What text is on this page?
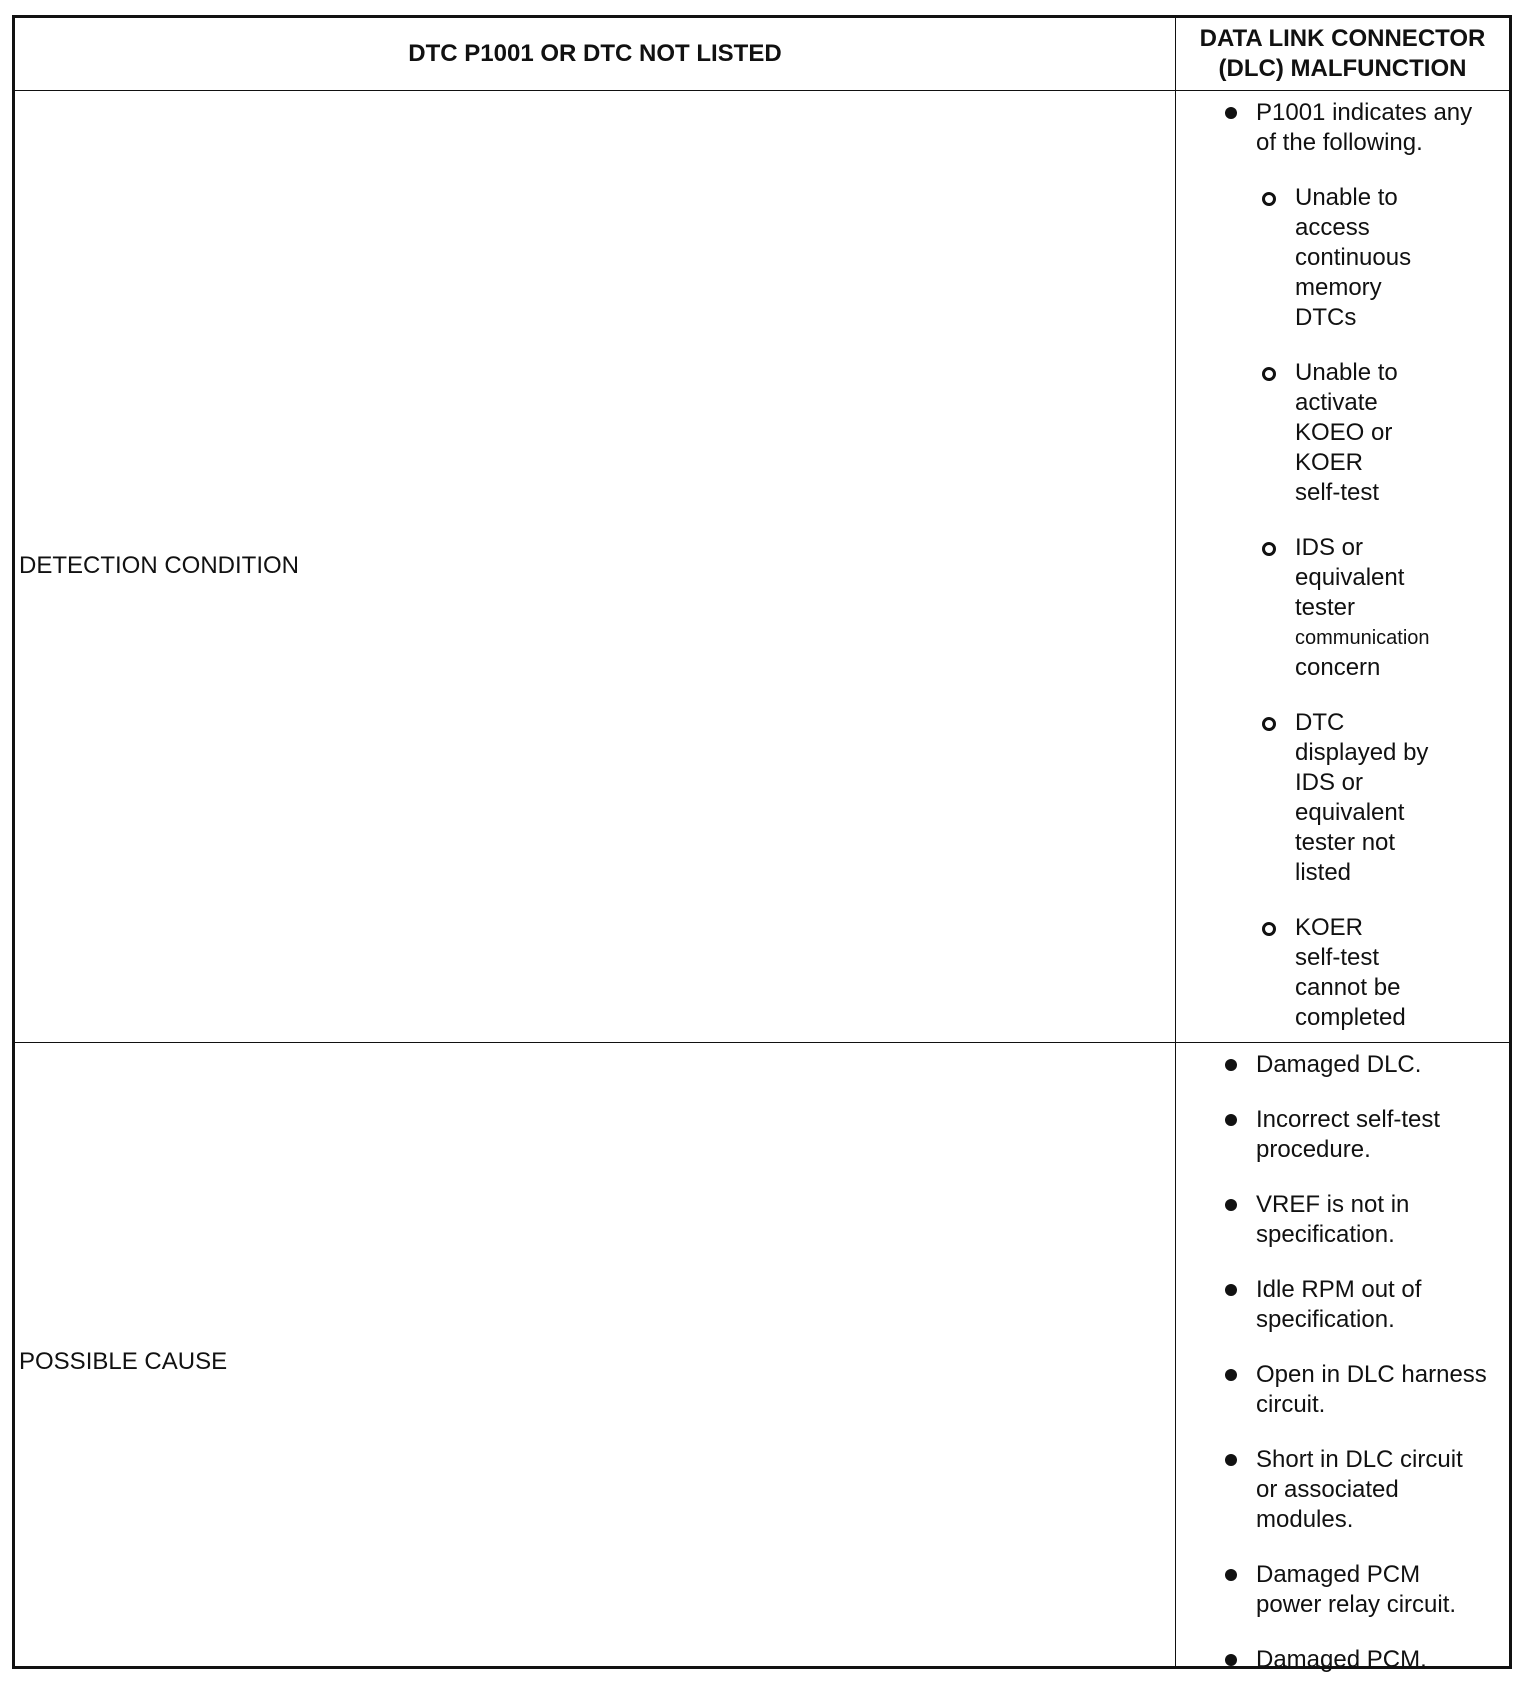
DTC P1001 OR DTC NOT LISTED
DATA LINK CONNECTOR
(DLC) MALFUNCTION
DETECTION CONDITION
P1001 indicates any
of the following.
Unable to
access
continuous
memory
DTCs
Unable to
activate
KOEO or
KOER
self-test
IDS or
equivalent
tester
communication
concern
DTC
displayed by
IDS or
equivalent
tester not
listed
KOER
self-test
cannot be
completed
POSSIBLE CAUSE
Damaged DLC.
Incorrect self-test
procedure.
VREF is not in
specification.
Idle RPM out of
specification.
Open in DLC harness
circuit.
Short in DLC circuit
or associated
modules.
Damaged PCM
power relay circuit.
Damaged PCM.
